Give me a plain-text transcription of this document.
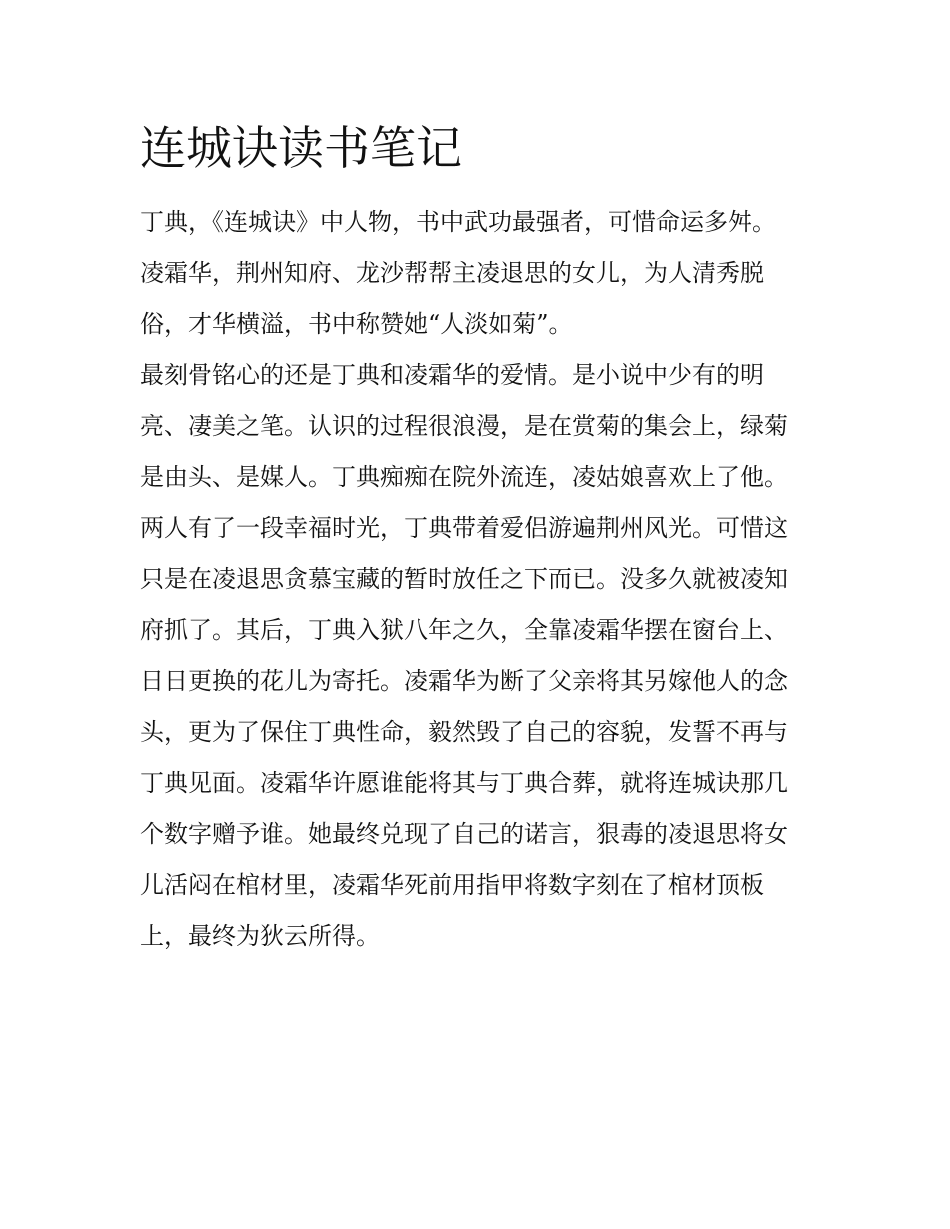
连城诀读书笔记

丁典，《连城诀》中人物，书中武功最强者，可惜命运多舛。

凌霜华，荆州知府、龙沙帮帮主凌退思的女儿，为人清秀脱

俗，才华横溢，书中称赞她“人淡如菊”。

最刻骨铭心的还是丁典和凌霜华的爱情。是小说中少有的明

亮、凄美之笔。认识的过程很浪漫，是在赏菊的集会上，绿菊

是由头、是媒人。丁典痴痴在院外流连，凌姑娘喜欢上了他。

两人有了一段幸福时光，丁典带着爱侣游遍荆州风光。可惜这

只是在凌退思贪慕宝藏的暂时放任之下而已。没多久就被凌知

府抓了。其后，丁典入狱八年之久，全靠凌霜华摆在窗台上、

日日更换的花儿为寄托。凌霜华为断了父亲将其另嫁他人的念

头，更为了保住丁典性命，毅然毁了自己的容貌，发誓不再与

丁典见面。凌霜华许愿谁能将其与丁典合葬，就将连城诀那几

个数字赠予谁。她最终兑现了自己的诺言，狠毒的凌退思将女

儿活闷在棺材里，凌霜华死前用指甲将数字刻在了棺材顶板

上，最终为狄云所得。
